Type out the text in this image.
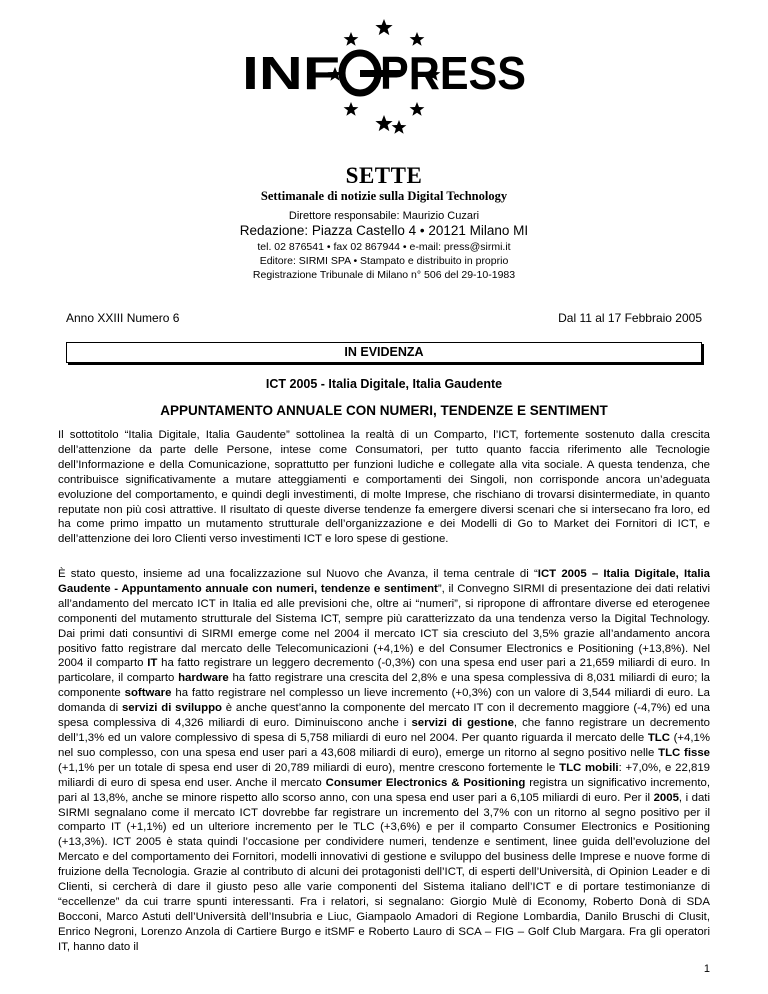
INF PRESS
SETTE
Settimanale di notizie sulla Digital Technology
Direttore responsabile: Maurizio Cuzari
Redazione: Piazza Castello 4 • 20121 Milano MI
tel. 02 876541 • fax 02 867944 • e-mail: press@sirmi.it
Editore: SIRMI SPA • Stampato e distribuito in proprio
Registrazione Tribunale di Milano n° 506 del 29-10-1983
Anno XXIII Numero 6	Dal 11 al 17 Febbraio 2005
IN EVIDENZA
ICT 2005 - Italia Digitale, Italia Gaudente
APPUNTAMENTO ANNUALE CON NUMERI, TENDENZE E SENTIMENT

Il sottotitolo “Italia Digitale, Italia Gaudente” sottolinea la realtà di un Comparto, l’ICT, fortemente sostenuto dalla crescita dell’attenzione da parte delle Persone, intese come Consumatori, per tutto quanto faccia riferimento alle Tecnologie dell’Informazione e della Comunicazione, soprattutto per funzioni ludiche e collegate alla vita sociale. A questa tendenza, che contribuisce significativamente a mutare atteggiamenti e comportamenti dei Singoli, non corrisponde ancora un’adeguata evoluzione del comportamento, e quindi degli investimenti, di molte Imprese, che rischiano di trovarsi disintermediate, in quanto reputate non più così attrattive. Il risultato di queste diverse tendenze fa emergere diversi scenari che si intersecano fra loro, ed ha come primo impatto un mutamento strutturale dell’organizzazione e dei Modelli di Go to Market dei Fornitori di ICT, e dell’attenzione dei loro Clienti verso investimenti ICT e loro spese di gestione.

È stato questo, insieme ad una focalizzazione sul Nuovo che Avanza, il tema centrale di “ICT 2005 – Italia Digitale, Italia Gaudente - Appuntamento annuale con numeri, tendenze e sentiment”, il Convegno SIRMI di presentazione dei dati relativi all’andamento del mercato ICT in Italia ed alle previsioni che, oltre ai “numeri”, si ripropone di affrontare diverse ed eterogenee componenti del mutamento strutturale del Sistema ICT, sempre più caratterizzato da una tendenza verso la Digital Technology. Dai primi dati consuntivi di SIRMI emerge come nel 2004 il mercato ICT sia cresciuto del 3,5% grazie all’andamento ancora positivo fatto registrare dal mercato delle Telecomunicazioni (+4,1%) e del Consumer Electronics e Positioning (+13,8%). Nel 2004 il comparto IT ha fatto registrare un leggero decremento (-0,3%) con una spesa end user pari a 21,659 miliardi di euro. In particolare, il comparto hardware ha fatto registrare una crescita del 2,8% e una spesa complessiva di 8,031 miliardi di euro; la componente software ha fatto registrare nel complesso un lieve incremento (+0,3%) con un valore di 3,544 miliardi di euro. La domanda di servizi di sviluppo è anche quest’anno la componente del mercato IT con il decremento maggiore (-4,7%) ed una spesa complessiva di 4,326 miliardi di euro. Diminuiscono anche i servizi di gestione, che fanno registrare un decremento dell’1,3% ed un valore complessivo di spesa di 5,758 miliardi di euro nel 2004. Per quanto riguarda il mercato delle TLC (+4,1% nel suo complesso, con una spesa end user pari a 43,608 miliardi di euro), emerge un ritorno al segno positivo nelle TLC fisse (+1,1% per un totale di spesa end user di 20,789 miliardi di euro), mentre crescono fortemente le TLC mobili: +7,0%, e 22,819 miliardi di euro di spesa end user. Anche il mercato Consumer Electronics & Positioning registra un significativo incremento, pari al 13,8%, anche se minore rispetto allo scorso anno, con una spesa end user pari a 6,105 miliardi di euro. Per il 2005, i dati SIRMI segnalano come il mercato ICT dovrebbe far registrare un incremento del 3,7% con un ritorno al segno positivo per il comparto IT (+1,1%) ed un ulteriore incremento per le TLC (+3,6%) e per il comparto Consumer Electronics e Positioning (+13,3%). ICT 2005 è stata quindi l’occasione per condividere numeri, tendenze e sentiment, linee guida dell’evoluzione del Mercato e del comportamento dei Fornitori, modelli innovativi di gestione e sviluppo del business delle Imprese e nuove forme di fruizione della Tecnologia. Grazie al contributo di alcuni dei protagonisti dell’ICT, di esperti dell’Università, di Opinion Leader e di Clienti, si cercherà di dare il giusto peso alle varie componenti del Sistema italiano dell’ICT e di portare testimonianze di “eccellenze” da cui trarre spunti interessanti. Fra i relatori, si segnalano: Giorgio Mulè di Economy, Roberto Donà di SDA Bocconi, Marco Astuti dell’Università dell’Insubria e Liuc, Giampaolo Amadori di Regione Lombardia, Danilo Bruschi di Clusit, Enrico Negroni, Lorenzo Anzola di Cartiere Burgo e itSMF e Roberto Lauro di SCA – FIG – Golf Club Margara. Fra gli operatori IT, hanno dato il

1
